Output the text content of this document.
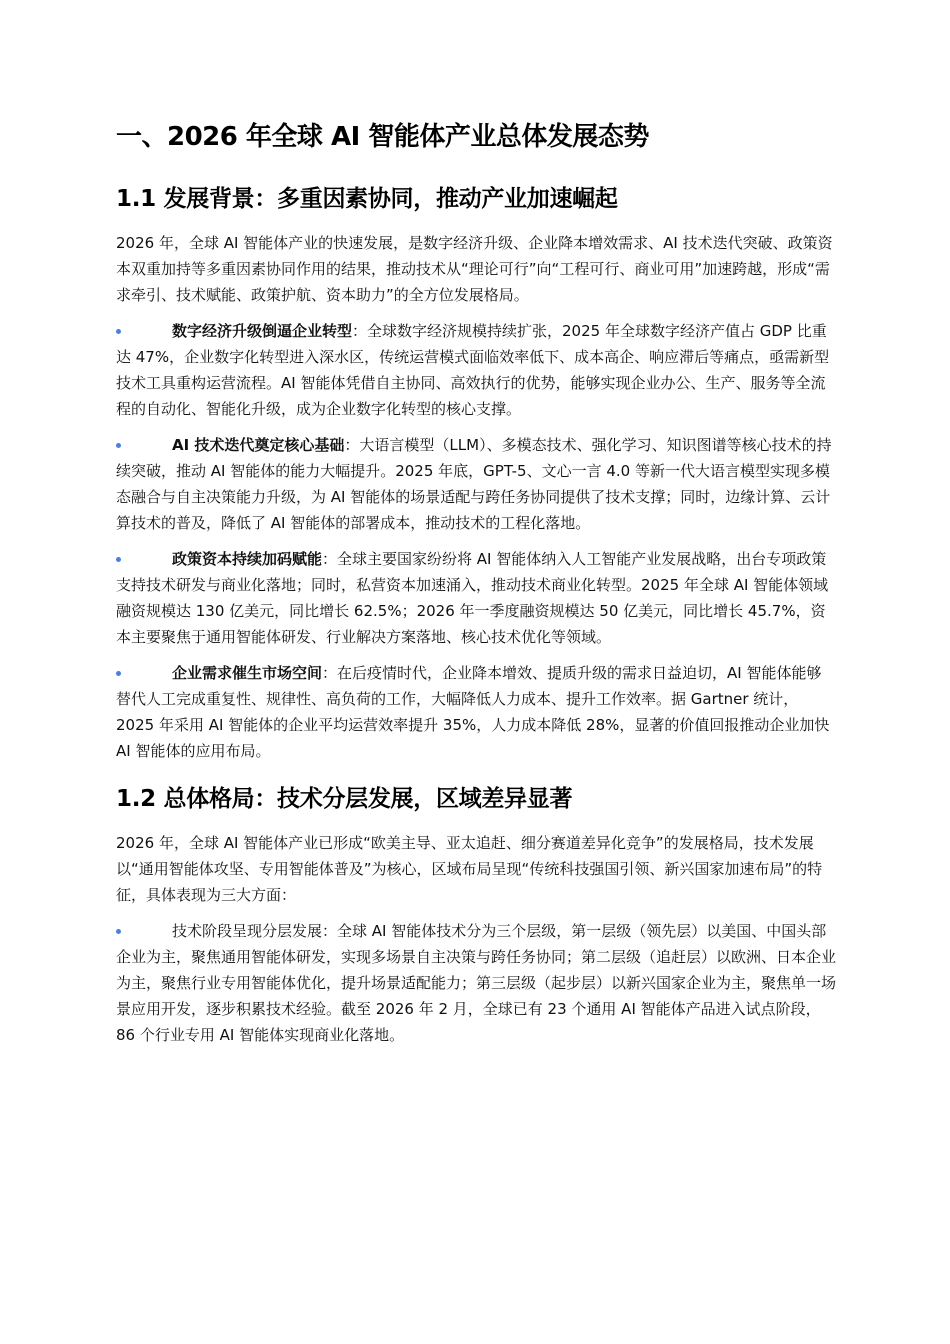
一、2026 年全球 AI 智能体产业总体发展态势
1.1 发展背景：多重因素协同，推动产业加速崛起

2026 年，全球 AI 智能体产业的快速发展，是数字经济升级、企业降本增效需求、AI 技术迭代突破、政策资本双重加持等多重因素协同作用的结果，推动技术从“理论可行”向“工程可行、商业可用”加速跨越，形成“需求牵引、技术赋能、政策护航、资本助力”的全方位发展格局。

数字经济升级倒逼企业转型：全球数字经济规模持续扩张，2025 年全球数字经济产值占 GDP 比重达 47%，企业数字化转型进入深水区，传统运营模式面临效率低下、成本高企、响应滞后等痛点，亟需新型技术工具重构运营流程。AI 智能体凭借自主协同、高效执行的优势，能够实现企业办公、生产、服务等全流程的自动化、智能化升级，成为企业数字化转型的核心支撑。
AI 技术迭代奠定核心基础：大语言模型（LLM）、多模态技术、强化学习、知识图谱等核心技术的持续突破，推动 AI 智能体的能力大幅提升。2025 年底，GPT-5、文心一言 4.0 等新一代大语言模型实现多模态融合与自主决策能力升级，为 AI 智能体的场景适配与跨任务协同提供了技术支撑；同时，边缘计算、云计算技术的普及，降低了 AI 智能体的部署成本，推动技术的工程化落地。
政策资本持续加码赋能：全球主要国家纷纷将 AI 智能体纳入人工智能产业发展战略，出台专项政策支持技术研发与商业化落地；同时，私营资本加速涌入，推动技术商业化转型。2025 年全球 AI 智能体领域融资规模达 130 亿美元，同比增长 62.5%；2026 年一季度融资规模达 50 亿美元，同比增长 45.7%，资本主要聚焦于通用智能体研发、行业解决方案落地、核心技术优化等领域。
企业需求催生市场空间：在后疫情时代，企业降本增效、提质升级的需求日益迫切，AI 智能体能够替代人工完成重复性、规律性、高负荷的工作，大幅降低人力成本、提升工作效率。据 Gartner 统计，2025 年采用 AI 智能体的企业平均运营效率提升 35%，人力成本降低 28%，显著的价值回报推动企业加快 AI 智能体的应用布局。
1.2 总体格局：技术分层发展，区域差异显著

2026 年，全球 AI 智能体产业已形成“欧美主导、亚太追赶、细分赛道差异化竞争”的发展格局，技术发展以“通用智能体攻坚、专用智能体普及”为核心，区域布局呈现“传统科技强国引领、新兴国家加速布局”的特征，具体表现为三大方面：

技术阶段呈现分层发展：全球 AI 智能体技术分为三个层级，第一层级（领先层）以美国、中国头部企业为主，聚焦通用智能体研发，实现多场景自主决策与跨任务协同；第二层级（追赶层）以欧洲、日本企业为主，聚焦行业专用智能体优化，提升场景适配能力；第三层级（起步层）以新兴国家企业为主，聚焦单一场景应用开发，逐步积累技术经验。截至 2026 年 2 月，全球已有 23 个通用 AI 智能体产品进入试点阶段，86 个行业专用 AI 智能体实现商业化落地。
